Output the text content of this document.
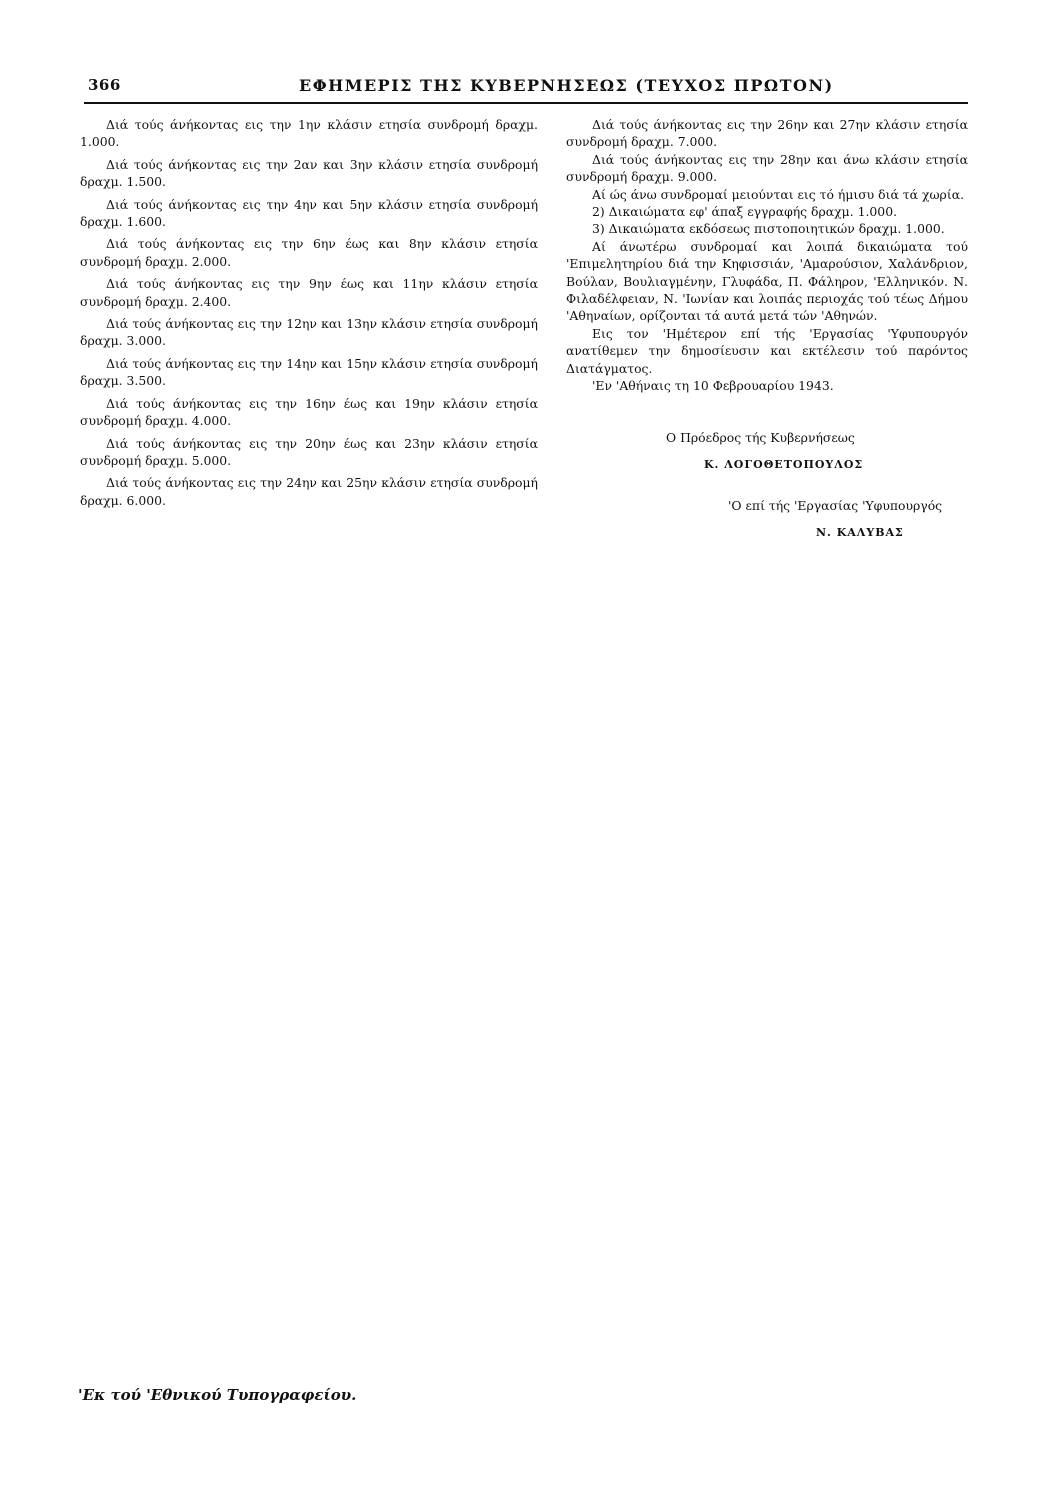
366	ΕΦΗΜΕΡΙΣ ΤΗΣ ΚΥΒΕΡΝΗΣΕΩΣ (ΤΕΥΧΟΣ ΠΡΩΤΟΝ)

Διά τούς άνήκοντας εις την 1ην κλάσιν ετησία συνδρομή δραχμ. 1.000.

Διά τούς άνήκοντας εις την 2αν και 3ην κλάσιν ετησία συνδρομή δραχμ. 1.500.

Διά τούς άνήκοντας εις την 4ην και 5ην κλάσιν ετησία συνδρομή δραχμ. 1.600.

Διά τούς άνήκοντας εις την 6ην έως και 8ην κλάσιν ετησία συνδρομή δραχμ. 2.000.

Διά τούς άνήκοντας εις την 9ην έως και 11ην κλάσιν ετησία συνδρομή δραχμ. 2.400.

Διά τούς άνήκοντας εις την 12ην και 13ην κλάσιν ετησία συνδρομή δραχμ. 3.000.

Διά τούς άνήκοντας εις την 14ην και 15ην κλάσιν ετησία συνδρομή δραχμ. 3.500.

Διά τούς άνήκοντας εις την 16ην έως και 19ην κλάσιν ετησία συνδρομή δραχμ. 4.000.

Διά τούς άνήκοντας εις την 20ην έως και 23ην κλάσιν ετησία συνδρομή δραχμ. 5.000.

Διά τούς άνήκοντας εις την 24ην και 25ην κλάσιν ετησία συνδρομή δραχμ. 6.000.

Διά τούς άνήκοντας εις την 26ην και 27ην κλάσιν ετησία συνδρομή δραχμ. 7.000.

Διά τούς άνήκοντας εις την 28ην και άνω κλάσιν ετησία συνδρομή δραχμ. 9.000.

Αί ώς άνω συνδρομαί μειούνται εις τό ήμισυ διά τά χωρία.

2) Δικαιώματα εφ' άπαξ εγγραφής δραχμ. 1.000.

3) Δικαιώματα εκδόσεως πιστοποιητικών δραχμ. 1.000.

Αί άνωτέρω συνδρομαί και λοιπά δικαιώματα τού 'Επιμελητηρίου διά την Κηφισσιάν, 'Αμαρούσιον, Χαλάνδριον, Βούλαν, Βουλιαγμένην, Γλυφάδα, Π. Φάληρον, 'Ελληνικόν. Ν. Φιλαδέλφειαν, Ν. 'Ιωνίαν και λοιπάς περιοχάς τού τέως Δήμου 'Αθηναίων, ορίζονται τά αυτά μετά τών 'Αθηνών.

Εις τον 'Ημέτερον επί τής 'Εργασίας 'Υφυπουργόν ανατίθεμεν την δημοσίευσιν και εκτέλεσιν τού παρόντος Διατάγματος.

'Εν 'Αθήναις τη 10 Φεβρουαρίου 1943.

Ο Πρόεδρος τής Κυβερνήσεως
Κ. ΛΟΓΟΘΕΤΟΠΟΥΛΟΣ
'Ο επί τής 'Εργασίας 'Υφυπουργός
Ν. ΚΑΛΥΒΑΣ
'Εκ τού 'Εθνικού Τυπογραφείου.
